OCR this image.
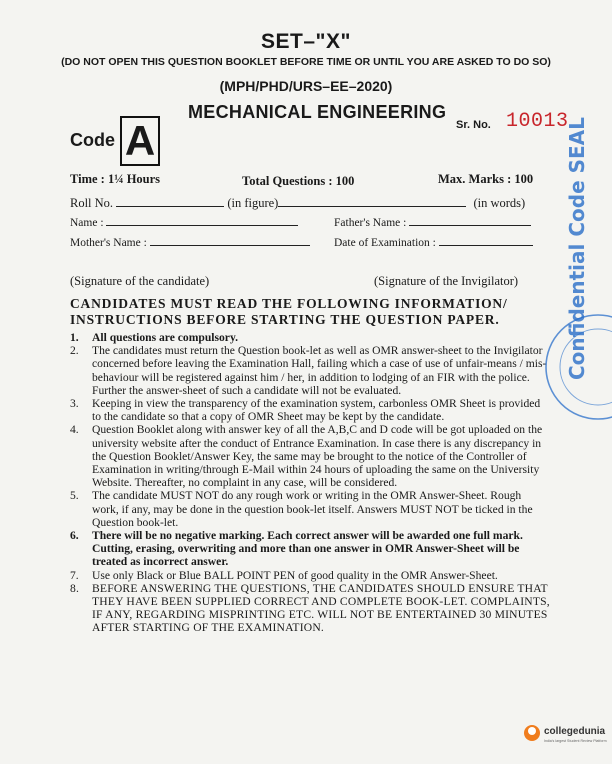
SET–"X"
(DO NOT OPEN THIS QUESTION BOOKLET BEFORE TIME OR UNTIL YOU ARE ASKED TO DO SO)
(MPH/PHD/URS–EE–2020)
MECHANICAL ENGINEERING
Sr. No. 10013
Code A
Time : 1¼ Hours	Total Questions : 100	Max. Marks : 100
Roll No.	(in figure)	(in words)
Name :	Father's Name :
Mother's Name :	Date of Examination :
(Signature of the candidate)	(Signature of the Invigilator)
CANDIDATES MUST READ THE FOLLOWING INFORMATION/ INSTRUCTIONS BEFORE STARTING THE QUESTION PAPER.
1. All questions are compulsory.
2. The candidates must return the Question book-let as well as OMR answer-sheet to the Invigilator concerned before leaving the Examination Hall, failing which a case of use of unfair-means / mis-behaviour will be registered against him / her, in addition to lodging of an FIR with the police. Further the answer-sheet of such a candidate will not be evaluated.
3. Keeping in view the transparency of the examination system, carbonless OMR Sheet is provided to the candidate so that a copy of OMR Sheet may be kept by the candidate.
4. Question Booklet along with answer key of all the A,B,C and D code will be got uploaded on the university website after the conduct of Entrance Examination. In case there is any discrepancy in the Question Booklet/Answer Key, the same may be brought to the notice of the Controller of Examination in writing/through E-Mail within 24 hours of uploading the same on the University Website. Thereafter, no complaint in any case, will be considered.
5. The candidate MUST NOT do any rough work or writing in the OMR Answer-Sheet. Rough work, if any, may be done in the question book-let itself. Answers MUST NOT be ticked in the Question book-let.
6. There will be no negative marking. Each correct answer will be awarded one full mark. Cutting, erasing, overwriting and more than one answer in OMR Answer-Sheet will be treated as incorrect answer.
7. Use only Black or Blue BALL POINT PEN of good quality in the OMR Answer-Sheet.
8. BEFORE ANSWERING THE QUESTIONS, THE CANDIDATES SHOULD ENSURE THAT THEY HAVE BEEN SUPPLIED CORRECT AND COMPLETE BOOK-LET. COMPLAINTS, IF ANY, REGARDING MISPRINTING ETC. WILL NOT BE ENTERTAINED 30 MINUTES AFTER STARTING OF THE EXAMINATION.
Confidential Code SEAL
collegedunia
India's largest Student Review Platform
